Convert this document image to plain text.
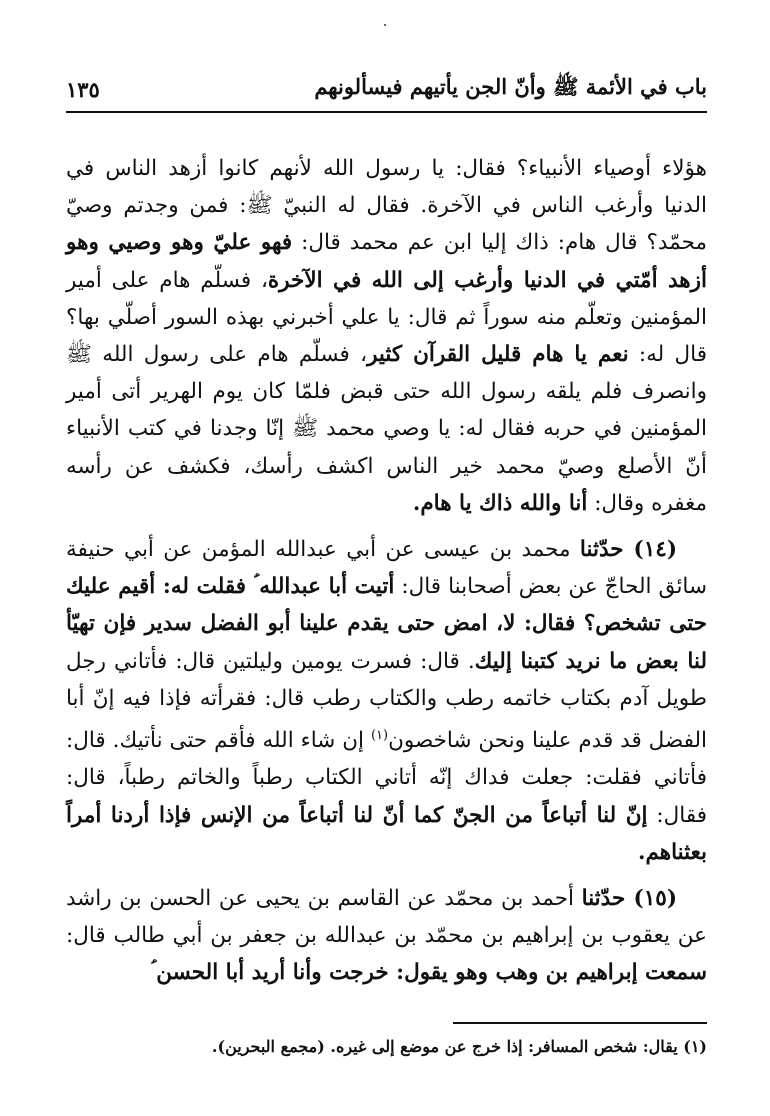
باب في الأئمة ﷺ وأنّ الجن يأتيهم فيسألونهم
١٣٥

هؤلاء أوصياء الأنبياء؟ فقال: يا رسول الله لأنهم كانوا أزهد الناس في الدنيا وأرغب الناس في الآخرة. فقال له النبيّ ﷺ: فمن وجدتم وصيّ محمّد؟ قال هام: ذاك إليا ابن عم محمد قال: فهو عليّ وهو وصيي وهو أزهد أمّتي في الدنيا وأرغب إلى الله في الآخرة، فسلّم هام على أمير المؤمنين وتعلّم منه سوراً ثم قال: يا علي أخبرني بهذه السور أصلّي بها؟ قال له: نعم يا هام قليل القرآن كثير، فسلّم هام على رسول الله ﷺ وانصرف فلم يلقه رسول الله حتى قبض فلمّا كان يوم الهرير أتى أمير المؤمنين في حربه فقال له: يا وصي محمد ﷺ إنّا وجدنا في كتب الأنبياء أنّ الأصلع وصيّ محمد خير الناس اكشف رأسك، فكشف عن رأسه مغفره وقال: أنا والله ذاك يا هام.

(١٤) حدّثنا محمد بن عيسى عن أبي عبدالله المؤمن عن أبي حنيفة سائق الحاجّ عن بعض أصحابنا قال: أتيت أبا عبدالله ؑ فقلت له: أقيم عليك حتى تشخص؟ فقال: لا، امض حتى يقدم علينا أبو الفضل سدير فإن تهيّأ لنا بعض ما نريد كتبنا إليك. قال: فسرت يومين وليلتين قال: فأتاني رجل طويل آدم بكتاب خاتمه رطب والكتاب رطب قال: فقرأته فإذا فيه إنّ أبا الفضل قد قدم علينا ونحن شاخصون$^{(١)}$ إن شاء الله فأقم حتى نأتيك. قال: فأتاني فقلت: جعلت فداك إنّه أتاني الكتاب رطباً والخاتم رطباً، قال: فقال: إنّ لنا أتباعاً من الجنّ كما أنّ لنا أتباعاً من الإنس فإذا أردنا أمراً بعثناهم.

(١٥) حدّثنا أحمد بن محمّد عن القاسم بن يحيى عن الحسن بن راشد عن يعقوب بن إبراهيم بن محمّد بن عبدالله بن جعفر بن أبي طالب قال: سمعت إبراهيم بن وهب وهو يقول: خرجت وأنا أريد أبا الحسن ؑ

(١) يقال: شخص المسافر: إذا خرج عن موضع إلى غيره. (مجمع البحرين).
